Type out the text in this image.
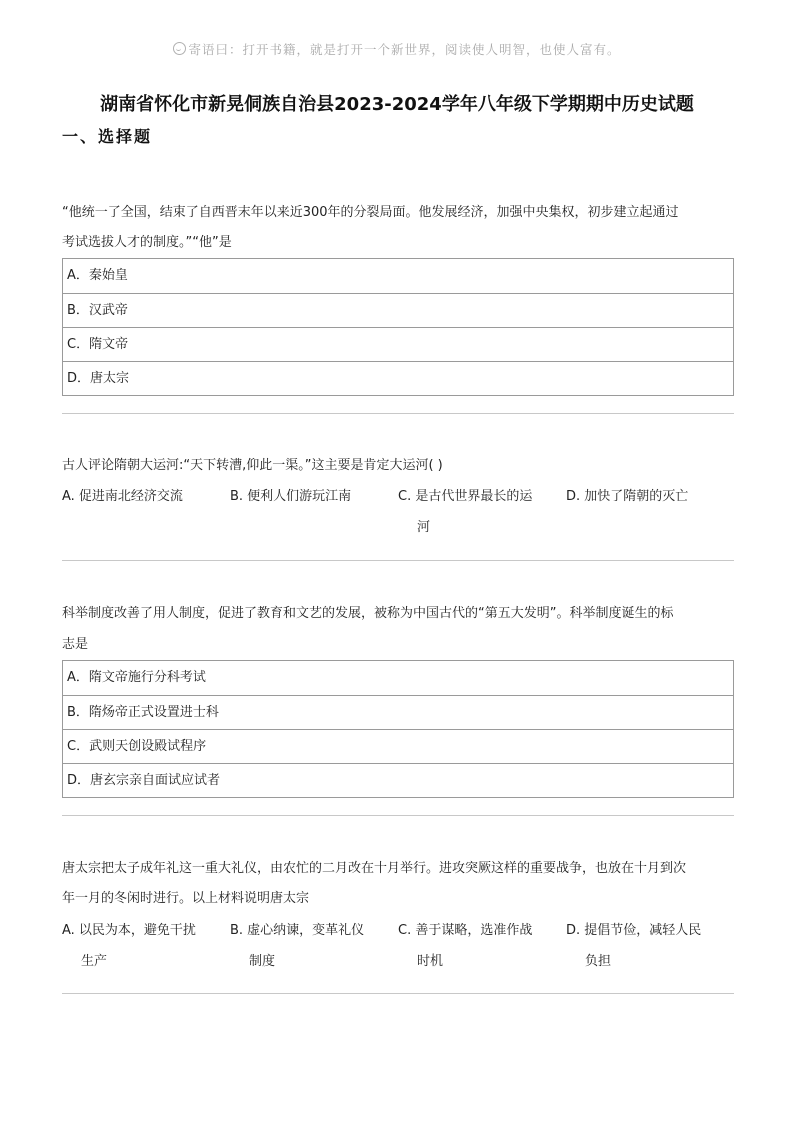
寄语曰：打开书籍，就是打开一个新世界，阅读使人明智，也使人富有。
湖南省怀化市新晃侗族自治县2023-2024学年八年级下学期期中历史试题
一、选择题
“他统一了全国，结束了自西晋末年以来近300年的分裂局面。他发展经济，加强中央集权，初步建立起通过
考试选拔人才的制度。”“他”是
A．秦始皇
B．汉武帝
C．隋文帝
D．唐太宗
古人评论隋朝大运河:“天下转漕,仰此一渠。”这主要是肯定大运河( )
A. 促进南北经济交流	B. 便利人们游玩江南	C. 是古代世界最长的运
河
D. 加快了隋朝的灭亡
科举制度改善了用人制度，促进了教育和文艺的发展，被称为中国古代的“第五大发明”。科举制度诞生的标
志是
A．隋文帝施行分科考试
B．隋炀帝正式设置进士科
C．武则天创设殿试程序
D．唐玄宗亲自面试应试者
唐太宗把太子成年礼这一重大礼仪，由农忙的二月改在十月举行。进攻突厥这样的重要战争，也放在十月到次
年一月的冬闲时进行。以上材料说明唐太宗
A. 以民为本，避免干扰
生产
B. 虚心纳谏，变革礼仪
制度
C. 善于谋略，选准作战
时机
D. 提倡节俭，减轻人民
负担
